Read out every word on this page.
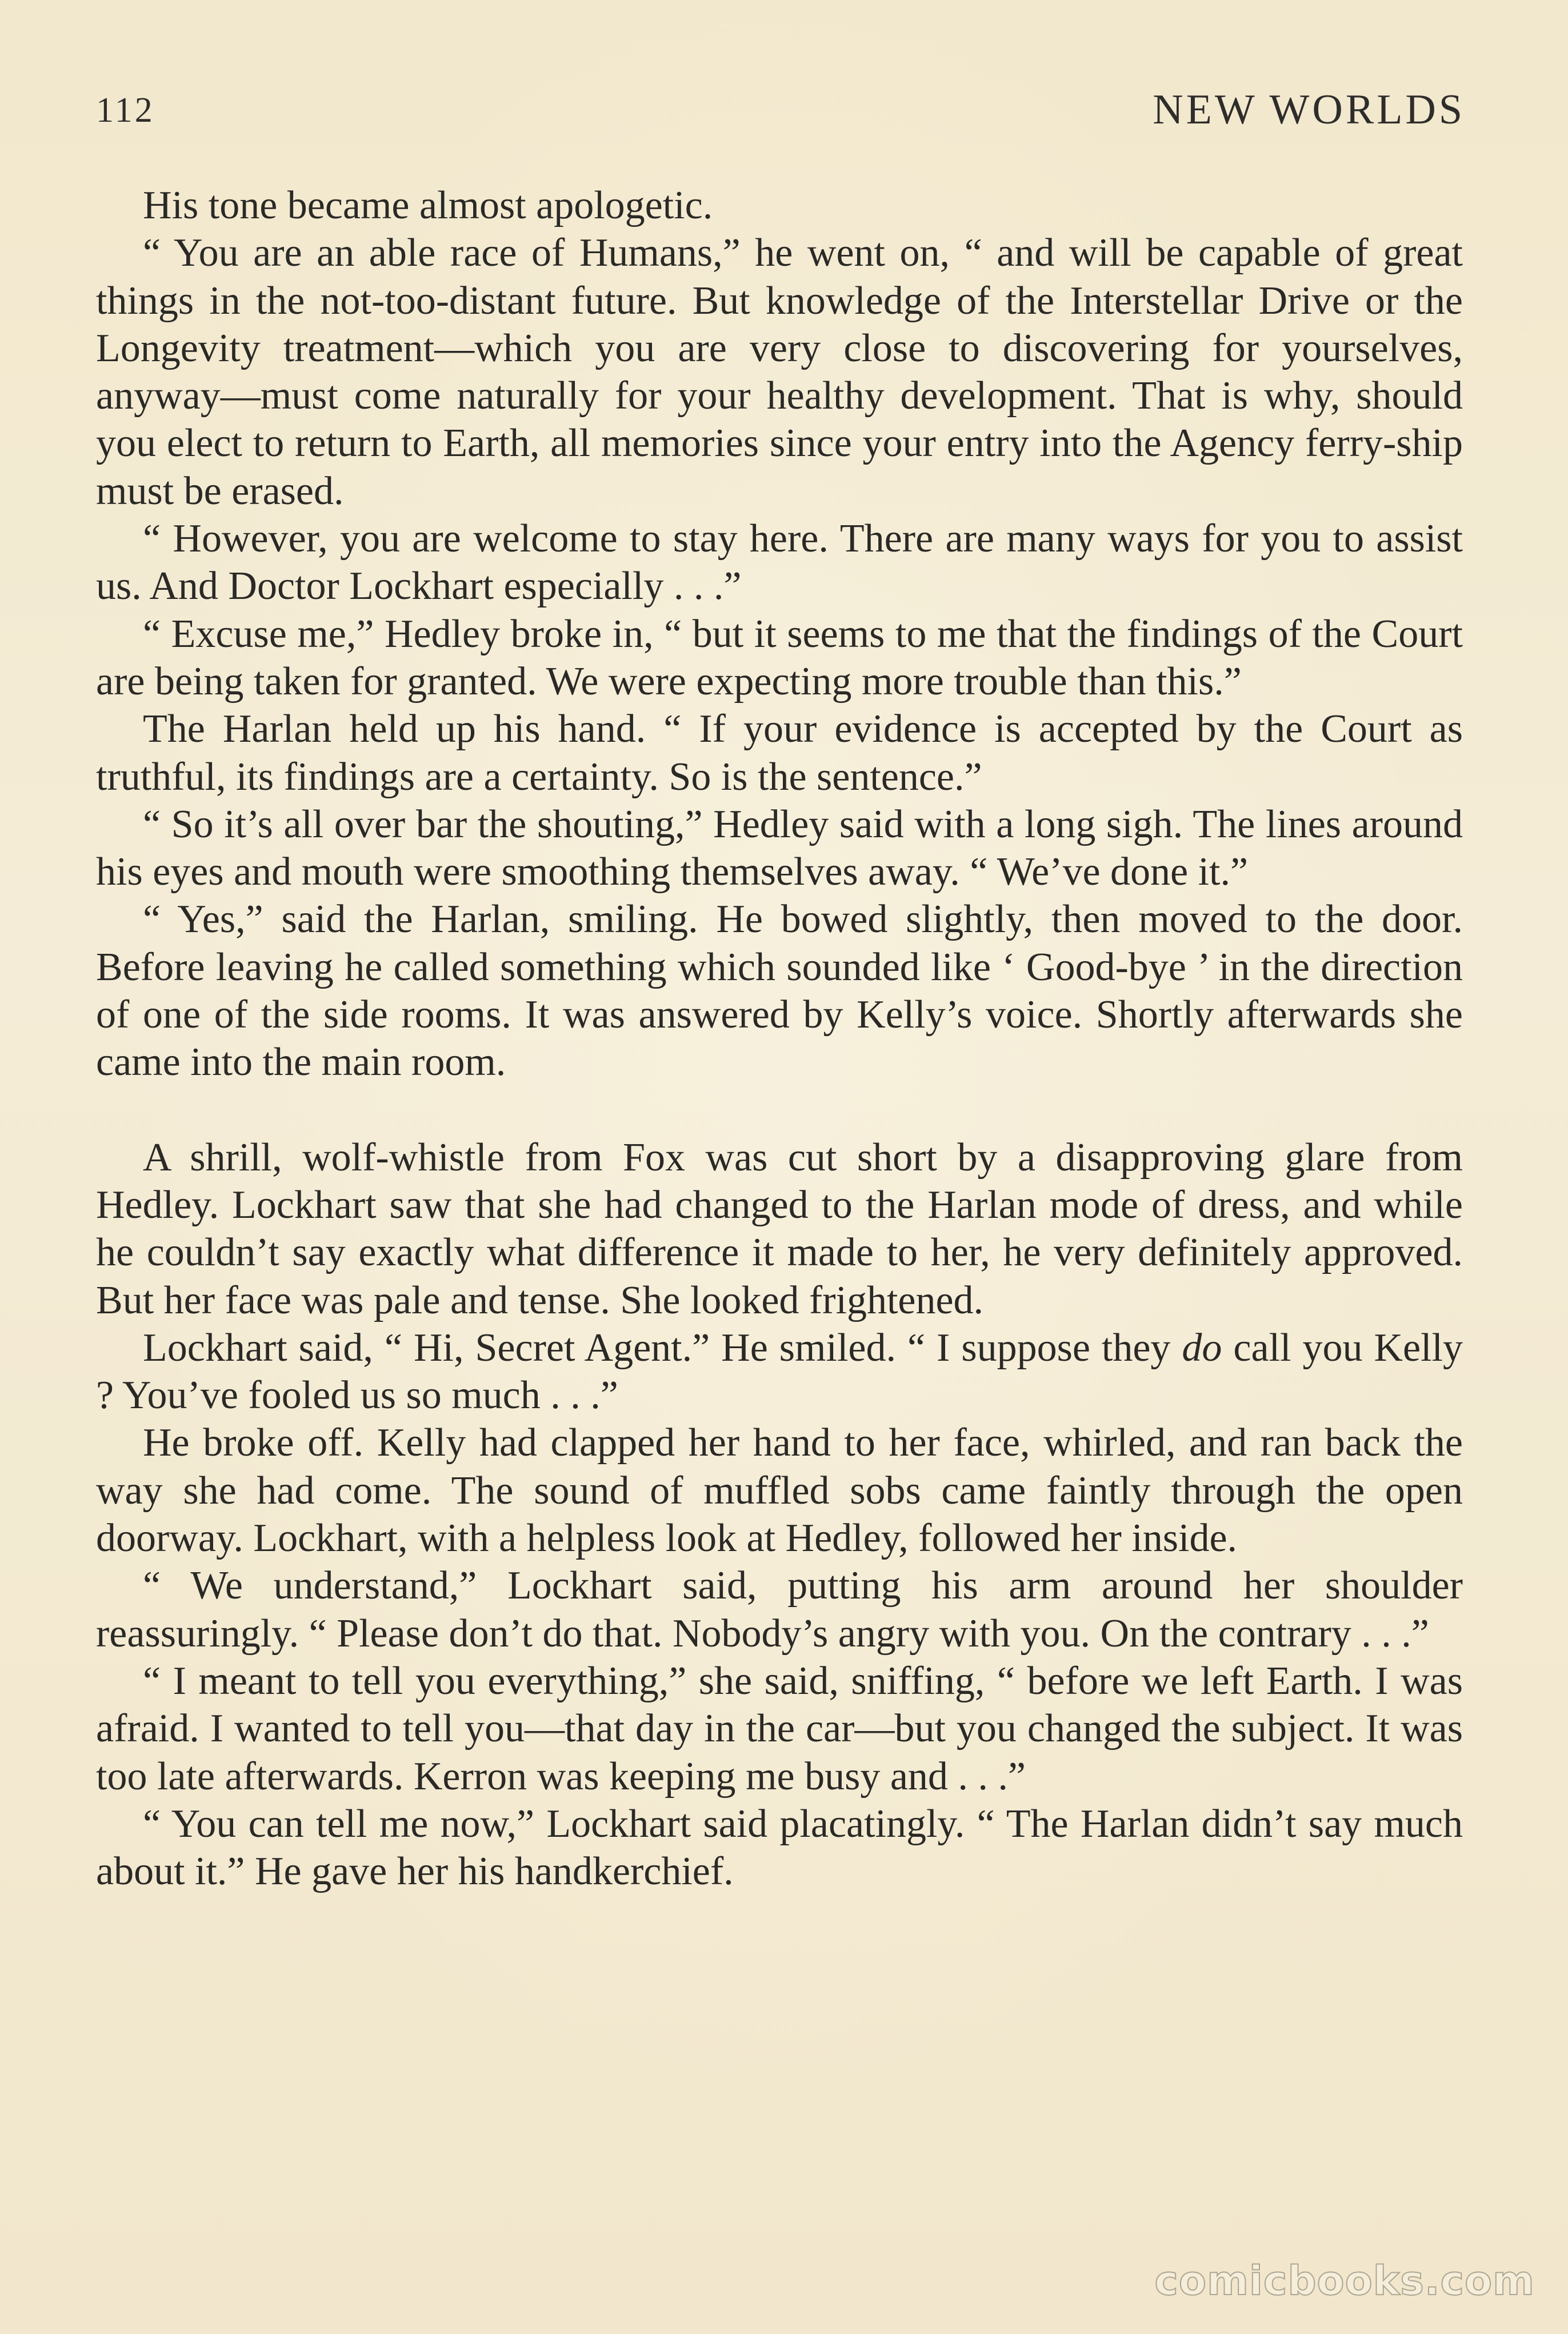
112	NEW WORLDS

His tone became almost apologetic.

“ You are an able race of Humans,” he went on, “ and will be capable of great things in the not-too-distant future. But knowledge of the Interstellar Drive or the Longevity treatment—which you are very close to discovering for yourselves, anyway—must come naturally for your healthy development. That is why, should you elect to return to Earth, all memories since your entry into the Agency ferry-ship must be erased.

“ However, you are welcome to stay here. There are many ways for you to assist us. And Doctor Lockhart especially . . .”

“ Excuse me,” Hedley broke in, “ but it seems to me that the findings of the Court are being taken for granted. We were expecting more trouble than this.”

The Harlan held up his hand. “ If your evidence is accepted by the Court as truthful, its findings are a certainty. So is the sentence.”

“ So it’s all over bar the shouting,” Hedley said with a long sigh. The lines around his eyes and mouth were smoothing themselves away. “ We’ve done it.”

“ Yes,” said the Harlan, smiling. He bowed slightly, then moved to the door. Before leaving he called something which sounded like ‘ Good-bye ’ in the direction of one of the side rooms. It was answered by Kelly’s voice. Shortly afterwards she came into the main room.

A shrill, wolf-whistle from Fox was cut short by a disapproving glare from Hedley. Lockhart saw that she had changed to the Harlan mode of dress, and while he couldn’t say exactly what difference it made to her, he very definitely approved. But her face was pale and tense. She looked frightened.

Lockhart said, “ Hi, Secret Agent.” He smiled. “ I suppose they do call you Kelly ? You’ve fooled us so much . . .”

He broke off. Kelly had clapped her hand to her face, whirled, and ran back the way she had come. The sound of muffled sobs came faintly through the open doorway. Lockhart, with a helpless look at Hedley, followed her inside.

“ We understand,” Lockhart said, putting his arm around her shoulder reassuringly. “ Please don’t do that. Nobody’s angry with you. On the contrary . . .”

“ I meant to tell you everything,” she said, sniffing, “ before we left Earth. I was afraid. I wanted to tell you—that day in the car—but you changed the subject. It was too late afterwards. Kerron was keeping me busy and . . .”

“ You can tell me now,” Lockhart said placatingly. “ The Harlan didn’t say much about it.” He gave her his handkerchief.

comicbooks.com
